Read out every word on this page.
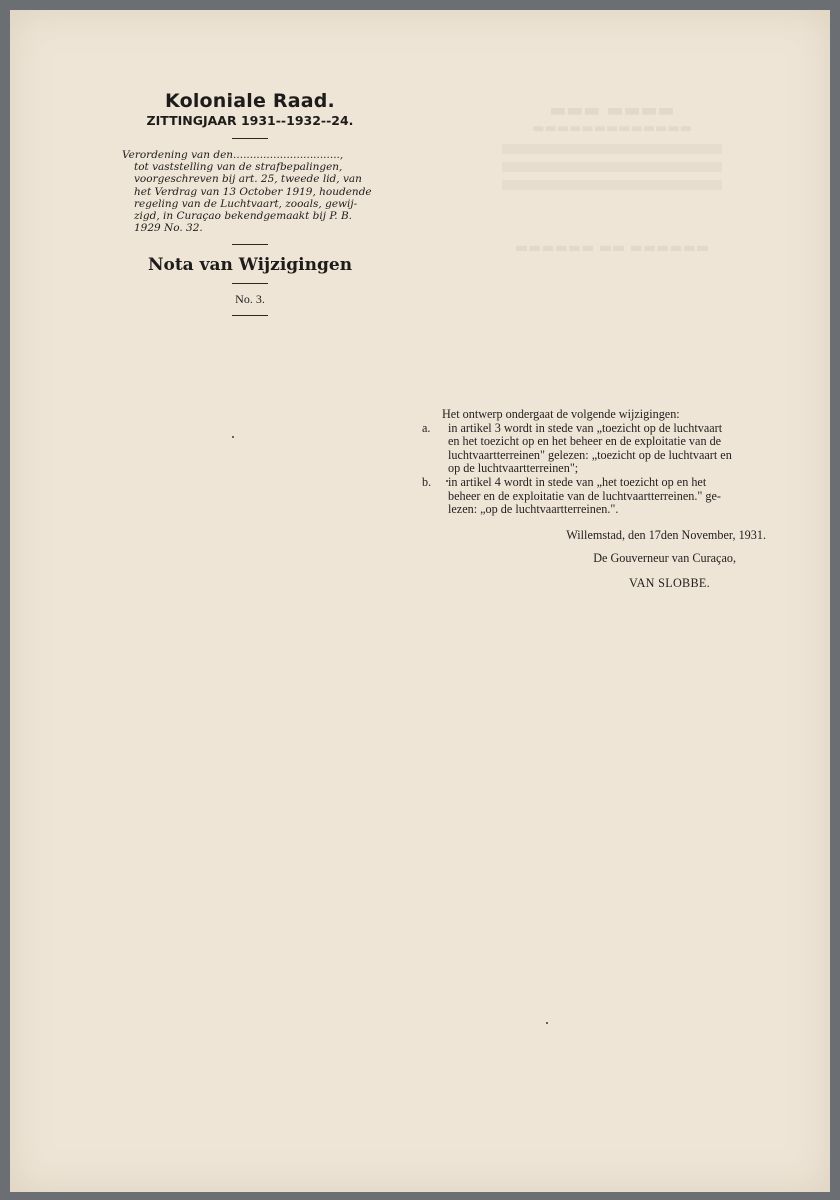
▬▬▬▬ ▬▬▬
▬▬▬▬▬▬▬▬▬▬▬▬▬
▬▬▬▬▬▬ ▬▬ ▬▬▬▬▬▬
Koloniale Raad.
ZITTINGJAAR 1931--1932--24.
Verordening van den................................,
tot vaststelling van de strafbepalingen,
voorgeschreven bij art. 25, tweede lid, van
het Verdrag van 13 October 1919, houdende
regeling van de Luchtvaart, zooals, gewij-
zigd, in Curaçao bekendgemaakt bij P. B.
1929 No. 32.
Nota van Wijzigingen
No. 3.

Het ontwerp ondergaat de volgende wijzigingen:

a. in artikel 3 wordt in stede van „toezicht op de luchtvaart
en het toezicht op en het beheer en de exploitatie van de
luchtvaartterreinen" gelezen: „toezicht op de luchtvaart en
op de luchtvaartterreinen";
b. in artikel 4 wordt in stede van „het toezicht op en het
beheer en de exploitatie van de luchtvaartterreinen." ge-
lezen: „op de luchtvaartterreinen.".
Willemstad, den 17den November, 1931.
De Gouverneur van Curaçao,
VAN SLOBBE.
